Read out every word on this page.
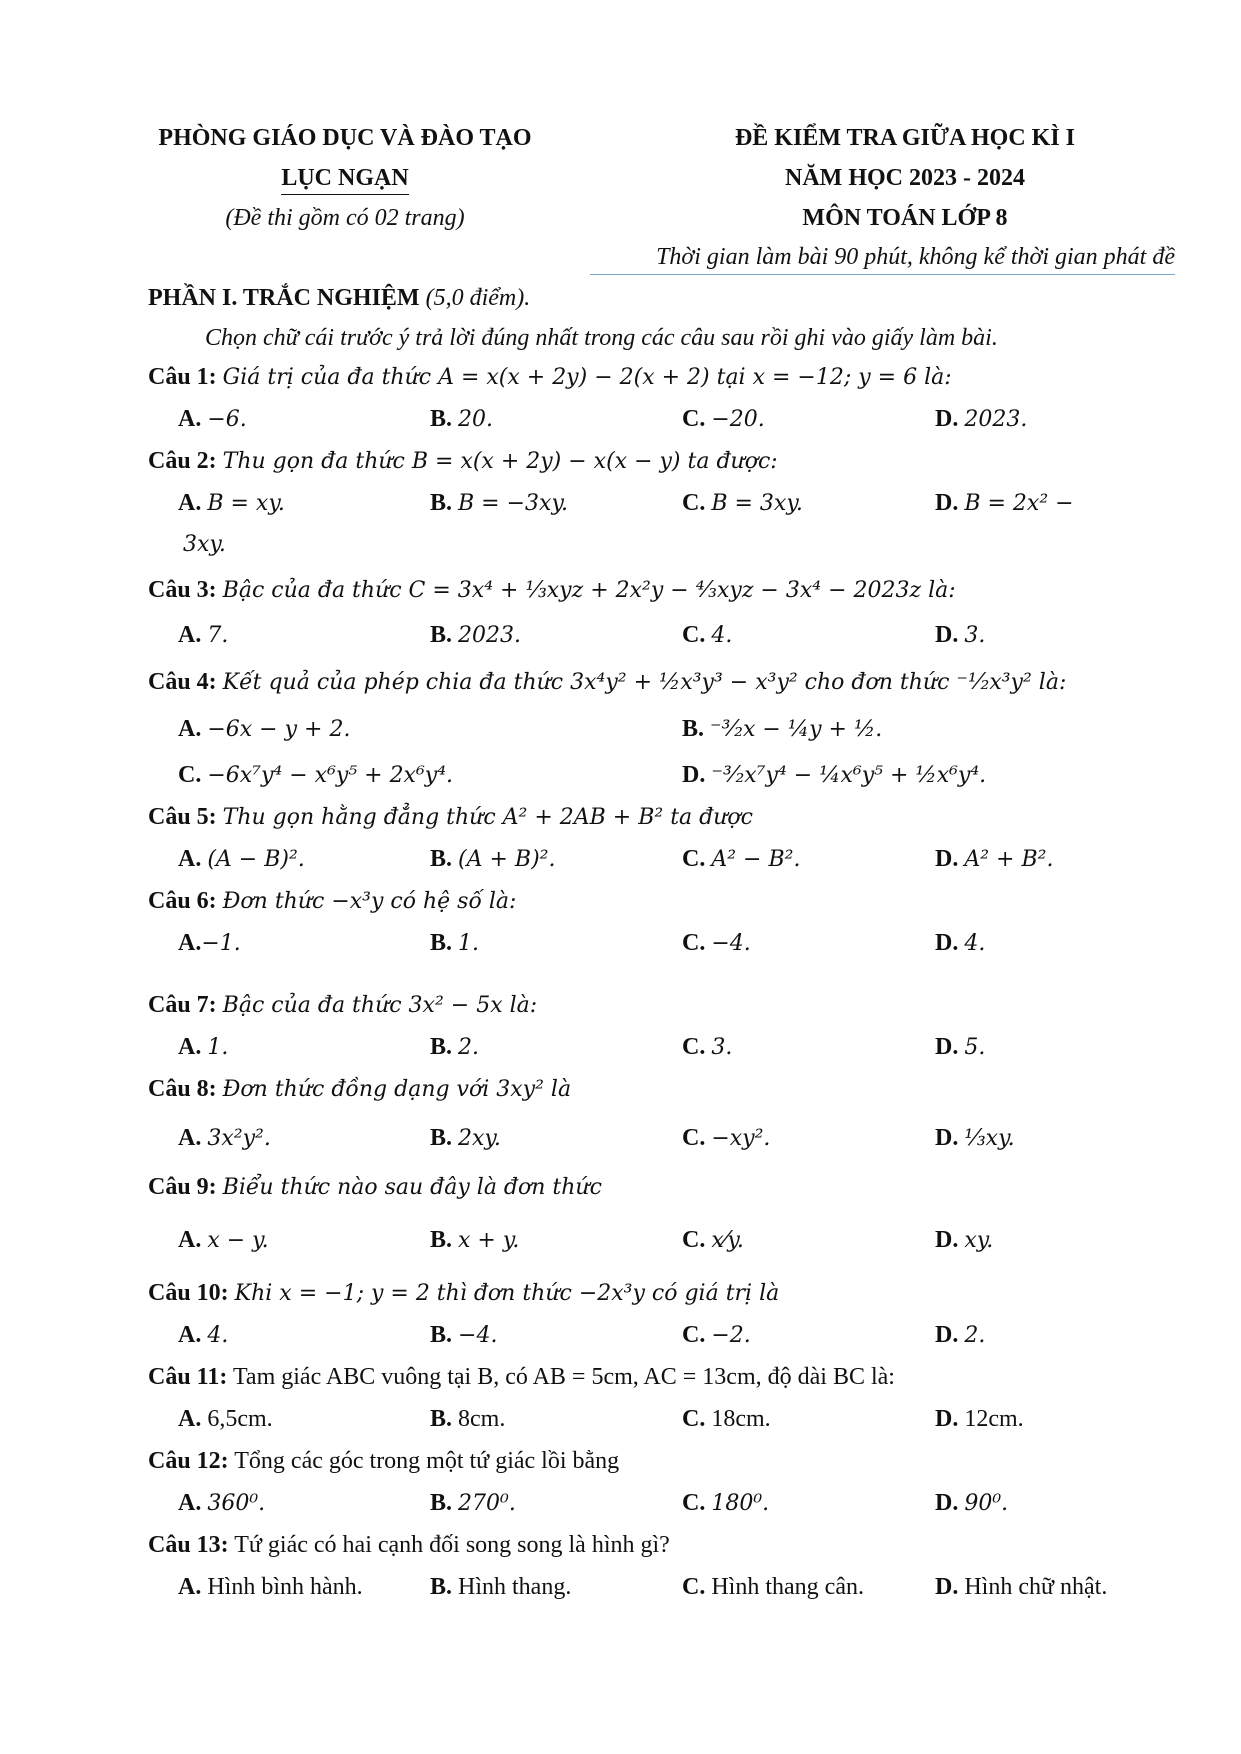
PHÒNG GIÁO DỤC VÀ ĐÀO TẠO
LỤC NGẠN
(Đề thi gồm có 02 trang)
ĐỀ KIỂM TRA GIỮA HỌC KÌ I
NĂM HỌC 2023 - 2024
MÔN TOÁN LỚP 8
Thời gian làm bài 90 phút, không kể thời gian phát đề
PHẦN I. TRẮC NGHIỆM (5,0 điểm).
Chọn chữ cái trước ý trả lời đúng nhất trong các câu sau rồi ghi vào giấy làm bài.
Câu 1: Giá trị của đa thức A = x(x + 2y) − 2(x + 2) tại x = −12; y = 6 là:
A. −6.	B. 20.	C. −20.	D. 2023.
Câu 2: Thu gọn đa thức B = x(x + 2y) − x(x − y) ta được:
A. B = xy.	B. B = −3xy.	C. B = 3xy.	D. B = 2x² −
3xy.
Câu 3: Bậc của đa thức C = 3x⁴ + ⅓xyz + 2x²y − ⁴⁄₃xyz − 3x⁴ − 2023z là:
A. 7.	B. 2023.	C. 4.	D. 3.
Câu 4: Kết quả của phép chia đa thức 3x⁴y² + ½x³y³ − x³y² cho đơn thức ⁻¹⁄₂x³y² là:
A. −6x − y + 2.	B. ⁻³⁄₂x − ¼y + ½.
C. −6x⁷y⁴ − x⁶y⁵ + 2x⁶y⁴.	D. ⁻³⁄₂x⁷y⁴ − ¼x⁶y⁵ + ½x⁶y⁴.
Câu 5: Thu gọn hằng đẳng thức A² + 2AB + B² ta được
A. (A − B)².	B. (A + B)².	C. A² − B².	D. A² + B².
Câu 6: Đơn thức −x³y có hệ số là:
A.−1.	B. 1.	C. −4.	D. 4.
Câu 7: Bậc của đa thức 3x² − 5x là:
A. 1.	B. 2.	C. 3.	D. 5.
Câu 8: Đơn thức đồng dạng với 3xy² là
A. 3x²y².	B. 2xy.	C. −xy².	D. ⅓xy.
Câu 9: Biểu thức nào sau đây là đơn thức
A. x − y.	B. x + y.	C. x⁄y.	D. xy.
Câu 10: Khi x = −1; y = 2 thì đơn thức −2x³y có giá trị là
A. 4.	B. −4.	C. −2.	D. 2.
Câu 11: Tam giác ABC vuông tại B, có AB = 5cm, AC = 13cm, độ dài BC là:
A. 6,5cm.	B. 8cm.	C. 18cm.	D. 12cm.
Câu 12: Tổng các góc trong một tứ giác lồi bằng
A. 360⁰.	B. 270⁰.	C. 180⁰.	D. 90⁰.
Câu 13: Tứ giác có hai cạnh đối song song là hình gì?
A. Hình bình hành.	B. Hình thang.	C. Hình thang cân.	D. Hình chữ nhật.
